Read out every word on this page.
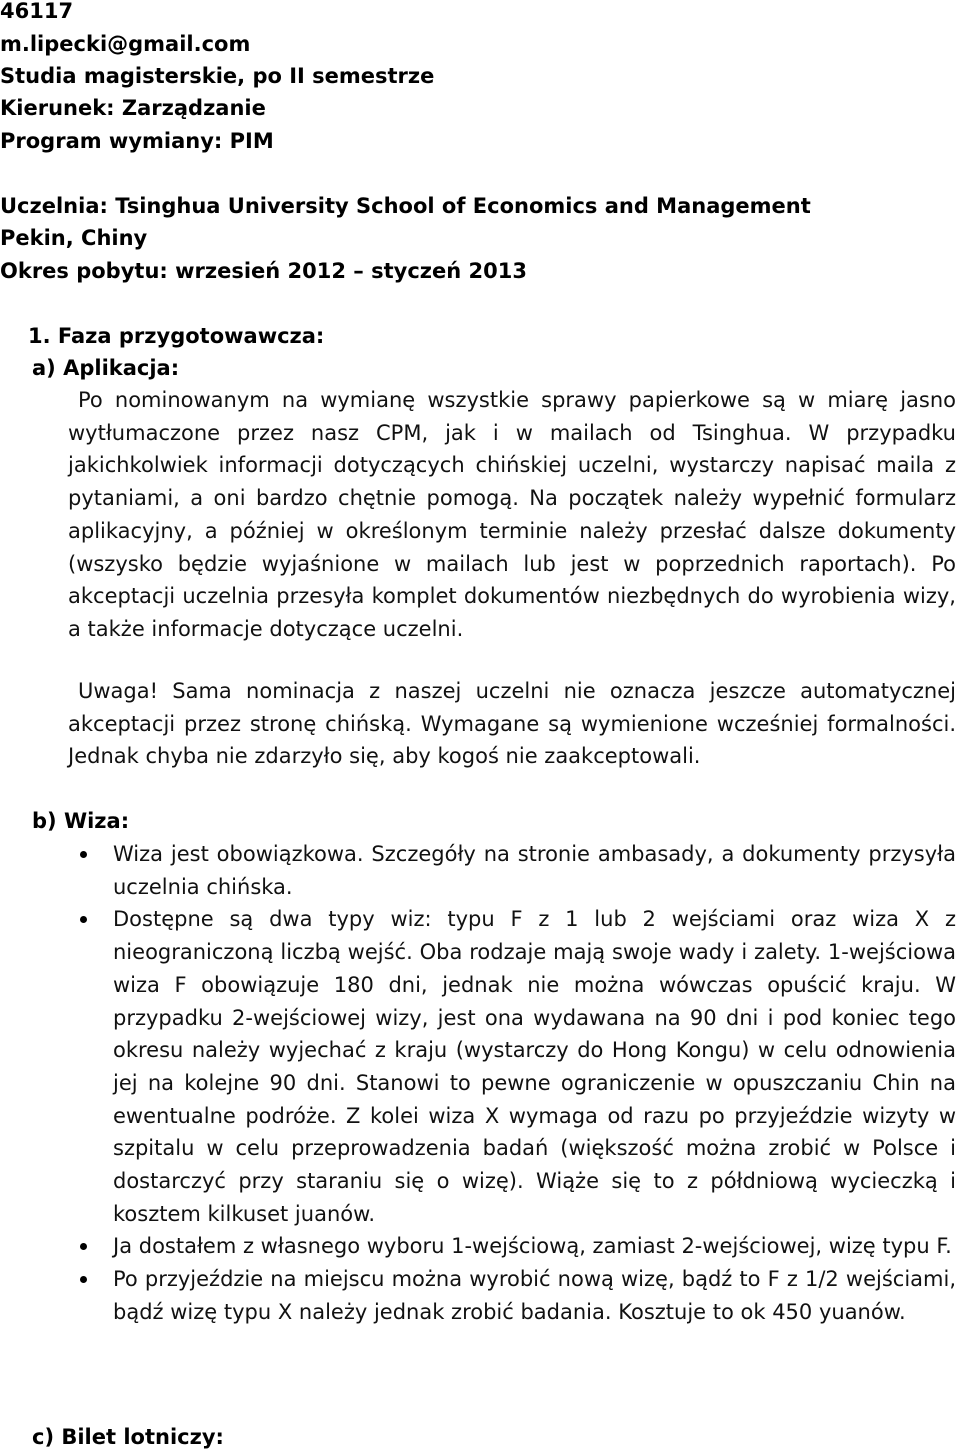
46117
m.lipecki@gmail.com
Studia magisterskie, po II semestrze
Kierunek: Zarządzanie
Program wymiany: PIM
Uczelnia: Tsinghua University School of Economics and Management
Pekin, Chiny
Okres pobytu: wrzesień 2012 – styczeń 2013
1. Faza przygotowawcza:
a) Aplikacja:
Po nominowanym na wymianę wszystkie sprawy papierkowe są w miarę jasno wytłumaczone przez nasz CPM, jak i w mailach od Tsinghua. W przypadku jakichkolwiek informacji dotyczących chińskiej uczelni, wystarczy napisać maila z pytaniami, a oni bardzo chętnie pomogą. Na początek należy wypełnić formularz aplikacyjny, a później w określonym terminie należy przesłać dalsze dokumenty (wszysko będzie wyjaśnione w mailach lub jest w poprzednich raportach). Po akceptacji uczelnia przesyła komplet dokumentów niezbędnych do wyrobienia wizy, a także informacje dotyczące uczelni.
Uwaga! Sama nominacja z naszej uczelni nie oznacza jeszcze automatycznej akceptacji przez stronę chińską. Wymagane są wymienione wcześniej formalności. Jednak chyba nie zdarzyło się, aby kogoś nie zaakceptowali.
b) Wiza:
Wiza jest obowiązkowa. Szczegóły na stronie ambasady, a dokumenty przysyła uczelnia chińska.
Dostępne są dwa typy wiz: typu F z 1 lub 2 wejściami oraz wiza X z nieograniczoną liczbą wejść. Oba rodzaje mają swoje wady i zalety. 1-wejściowa wiza F obowiązuje 180 dni, jednak nie można wówczas opuścić kraju. W przypadku 2-wejściowej wizy, jest ona wydawana na 90 dni i pod koniec tego okresu należy wyjechać z kraju (wystarczy do Hong Kongu) w celu odnowienia jej na kolejne 90 dni. Stanowi to pewne ograniczenie w opuszczaniu Chin na ewentualne podróże. Z kolei wiza X wymaga od razu po przyjeździe wizyty w szpitalu w celu przeprowadzenia badań (większość można zrobić w Polsce i dostarczyć przy staraniu się o wizę). Wiąże się to z półdniową wycieczką i kosztem kilkuset juanów.
Ja dostałem z własnego wyboru 1-wejściową, zamiast 2-wejściowej, wizę typu F.
Po przyjeździe na miejscu można wyrobić nową wizę, bądź to F z 1/2 wejściami, bądź wizę typu X należy jednak zrobić badania. Kosztuje to ok 450 yuanów.
c) Bilet lotniczy:
